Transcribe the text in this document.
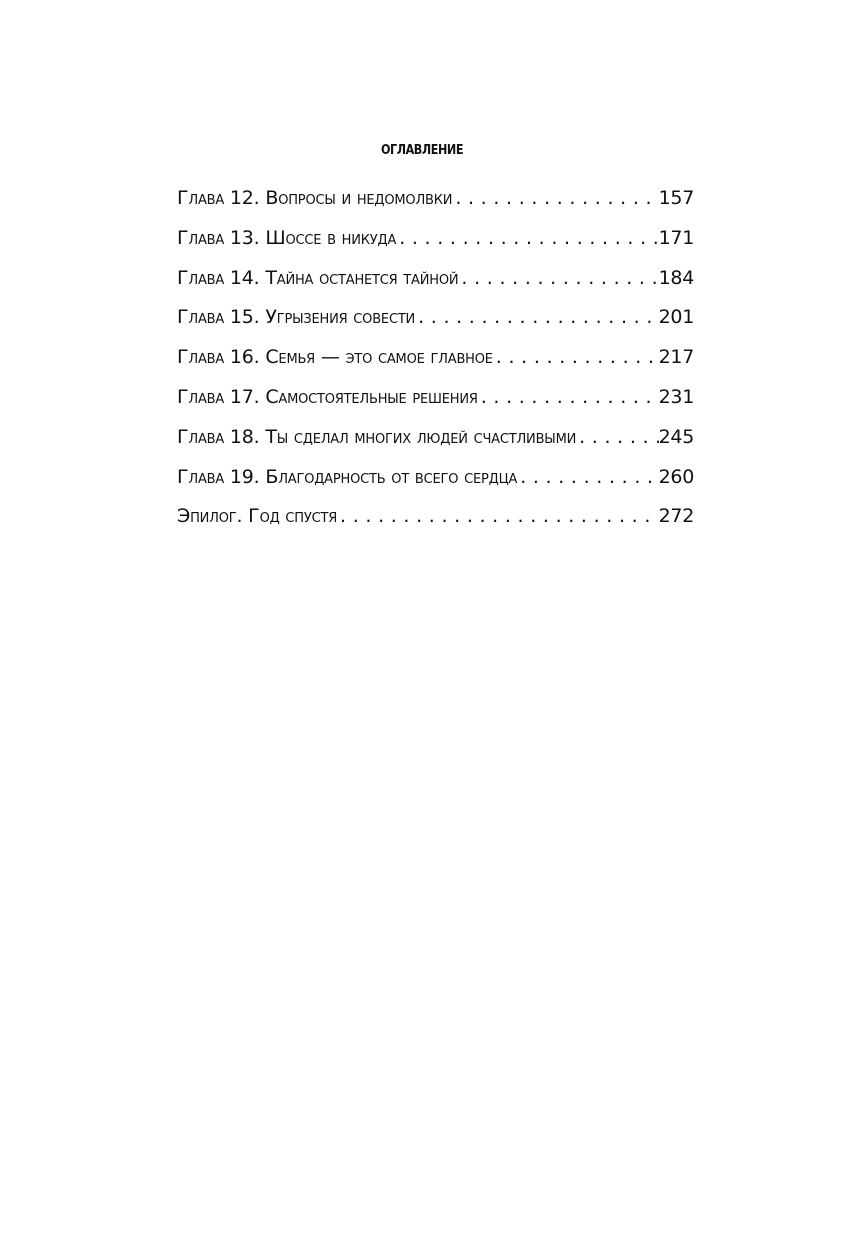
оглавление
Глава 12. Вопросы и недомолвки . . .	157
Глава 13. Шоссе в никуда . . .	171
Глава 14. Тайна останется тайной . . .	184
Глава 15. Угрызения совести . . .	201
Глава 16. Семья — это самое главное . . .	217
Глава 17. Самостоятельные решения . . .	231
Глава 18. Ты сделал многих людей счастливыми . . .	245
Глава 19. Благодарность от всего сердца . . .	260
Эпилог. Год спустя . . .	272
